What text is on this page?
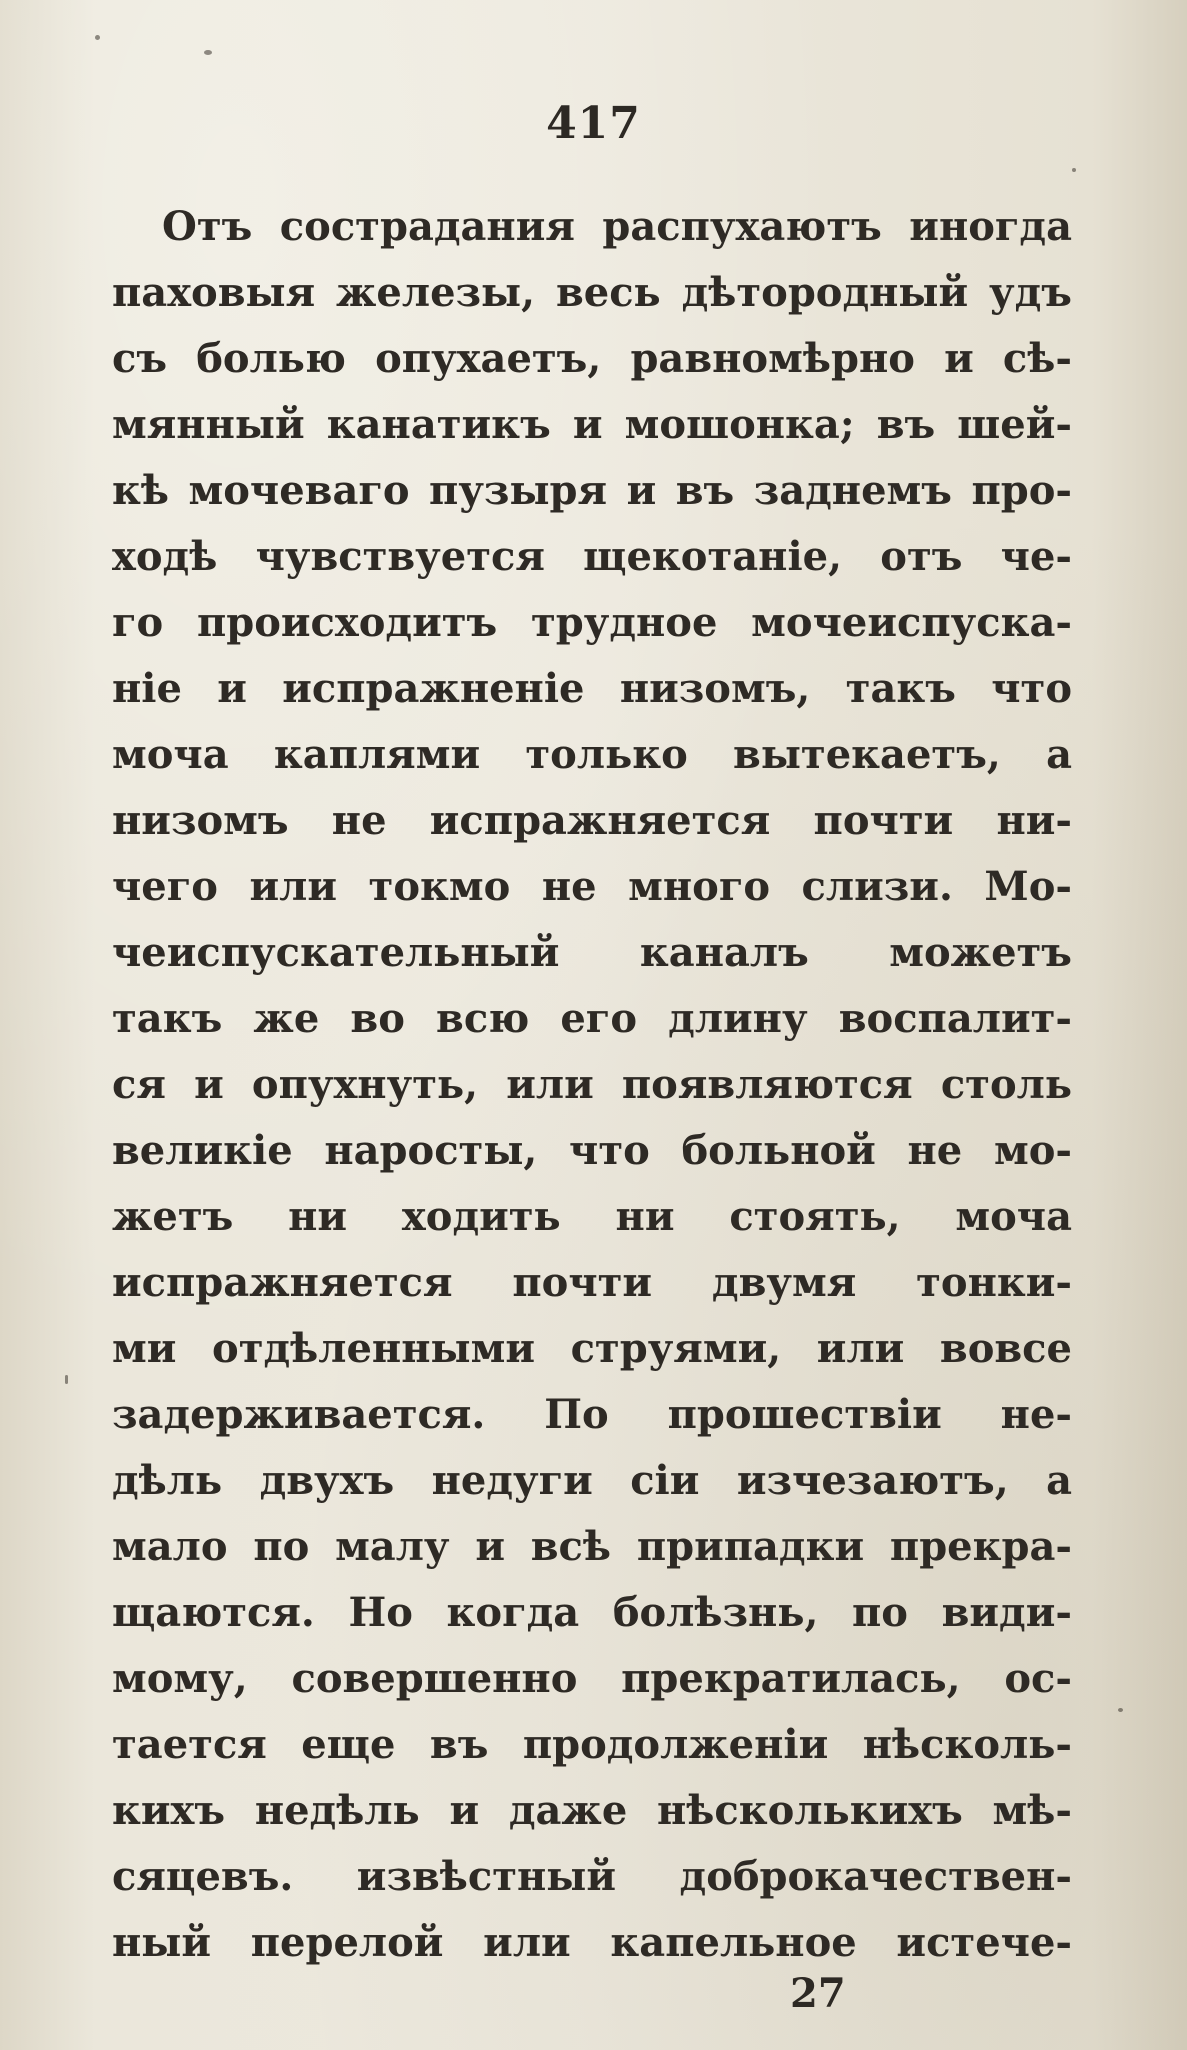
417
Отъ сострадания распухаютъ иногда
паховыя железы, весь дѣтородный удъ
съ болью опухаетъ, равномѣрно и сѣ-
мянный канатикъ и мошонка; въ шей-
кѣ мочеваго пузыря и въ заднемъ про-
ходѣ чувствуется щекотаніе, отъ че-
го происходитъ трудное мочеиспуска-
ніе и испражненіе низомъ, такъ что
моча каплями только вытекаетъ, а
низомъ не испражняется почти ни-
чего или токмо не много слизи. Мо-
чеиспускательный каналъ можетъ
такъ же во всю его длину воспалит-
ся и опухнуть, или появляются столь
великіе наросты, что больной не мо-
жетъ ни ходить ни стоять, моча
испражняется почти двумя тонки-
ми отдѣленными струями, или вовсе
задерживается. По прошествіи не-
дѣль двухъ недуги сіи изчезаютъ, а
мало по малу и всѣ припадки прекра-
щаются. Но когда болѣзнь, по види-
мому, совершенно прекратилась, ос-
тается еще въ продолженіи нѣсколь-
кихъ недѣль и даже нѣсколькихъ мѣ-
сяцевъ. извѣстный доброкачествен-
ный перелой или капельное истече-
27
